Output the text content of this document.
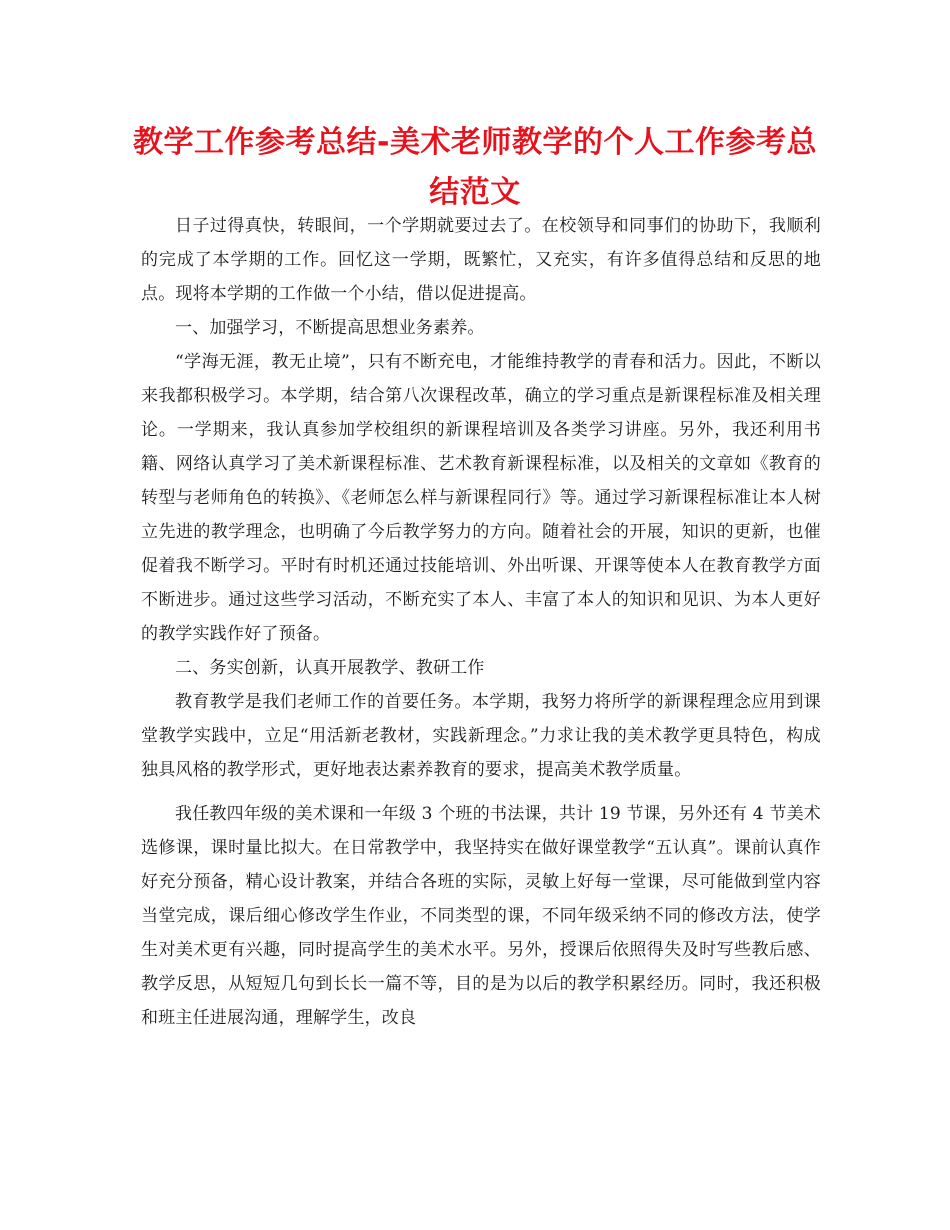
教学工作参考总结-美术老师教学的个人工作参考总结范文

日子过得真快，转眼间，一个学期就要过去了。在校领导和同事们的协助下，我顺利的完成了本学期的工作。回忆这一学期，既繁忙，又充实，有许多值得总结和反思的地点。现将本学期的工作做一个小结，借以促进提高。

一、加强学习，不断提高思想业务素养。

“学海无涯，教无止境”，只有不断充电，才能维持教学的青春和活力。因此，不断以来我都积极学习。本学期，结合第八次课程改革，确立的学习重点是新课程标准及相关理论。一学期来，我认真参加学校组织的新课程培训及各类学习讲座。另外，我还利用书籍、网络认真学习了美术新课程标准、艺术教育新课程标准，以及相关的文章如《教育的转型与老师角色的转换》、《老师怎么样与新课程同行》等。通过学习新课程标准让本人树立先进的教学理念，也明确了今后教学努力的方向。随着社会的开展，知识的更新，也催促着我不断学习。平时有时机还通过技能培训、外出听课、开课等使本人在教育教学方面不断进步。通过这些学习活动，不断充实了本人、丰富了本人的知识和见识、为本人更好的教学实践作好了预备。

二、务实创新，认真开展教学、教研工作

教育教学是我们老师工作的首要任务。本学期，我努力将所学的新课程理念应用到课堂教学实践中，立足“用活新老教材，实践新理念。”力求让我的美术教学更具特色，构成独具风格的教学形式，更好地表达素养教育的要求，提高美术教学质量。

我任教四年级的美术课和一年级 3 个班的书法课，共计 19 节课，另外还有 4 节美术选修课，课时量比拟大。在日常教学中，我坚持实在做好课堂教学“五认真”。课前认真作好充分预备，精心设计教案，并结合各班的实际，灵敏上好每一堂课，尽可能做到堂内容当堂完成，课后细心修改学生作业，不同类型的课，不同年级采纳不同的修改方法，使学生对美术更有兴趣，同时提高学生的美术水平。另外，授课后依照得失及时写些教后感、教学反思，从短短几句到长长一篇不等，目的是为以后的教学积累经历。同时，我还积极和班主任进展沟通，理解学生，改良
